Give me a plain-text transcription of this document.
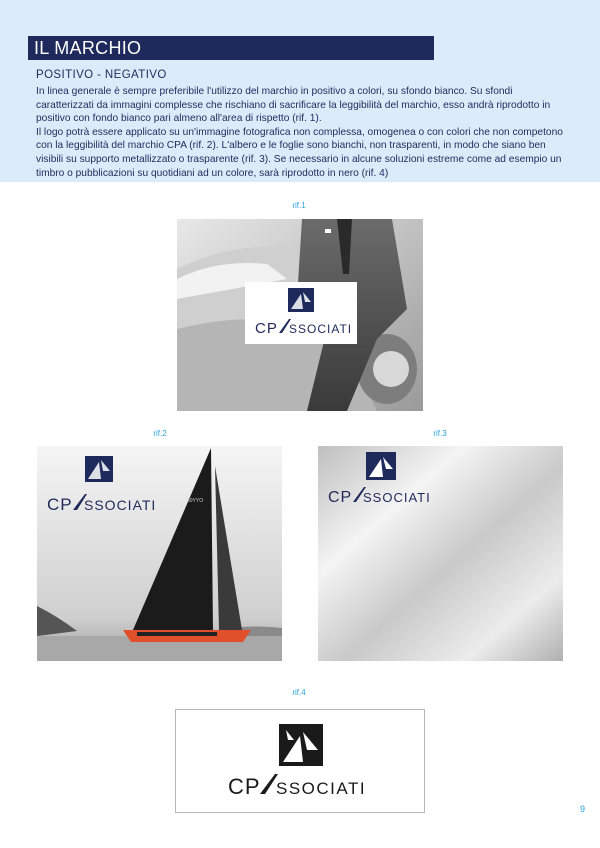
IL MARCHIO
POSITIVO - NEGATIVO

In linea generale è sempre preferibile l'utilizzo del marchio in positivo a colori, su sfondo bianco. Su sfondi caratterizzati da immagini complesse che rischiano di sacrificare la leggibilità del marchio, esso andrà riprodotto in positivo con fondo bianco pari almeno all'area di rispetto (rif. 1).

Il logo potrà essere applicato su un'immagine fotografica non complessa, omogenea o con colori che non competono con la leggibilità del marchio CPA (rif. 2). L'albero e le foglie sono bianchi, non trasparenti, in modo che siano ben visibili su supporto metallizzato o trasparente (rif. 3). Se necessario in alcune soluzioni estreme come ad esempio un timbro o pubblicazioni su quotidiani ad un colore, sarà riprodotto in nero (rif. 4)

rif.1
CP SSOCIATI
rif.2
30YYO
CP SSOCIATI
rif.3
CP SSOCIATI
rif.4
CP SSOCIATI
9
